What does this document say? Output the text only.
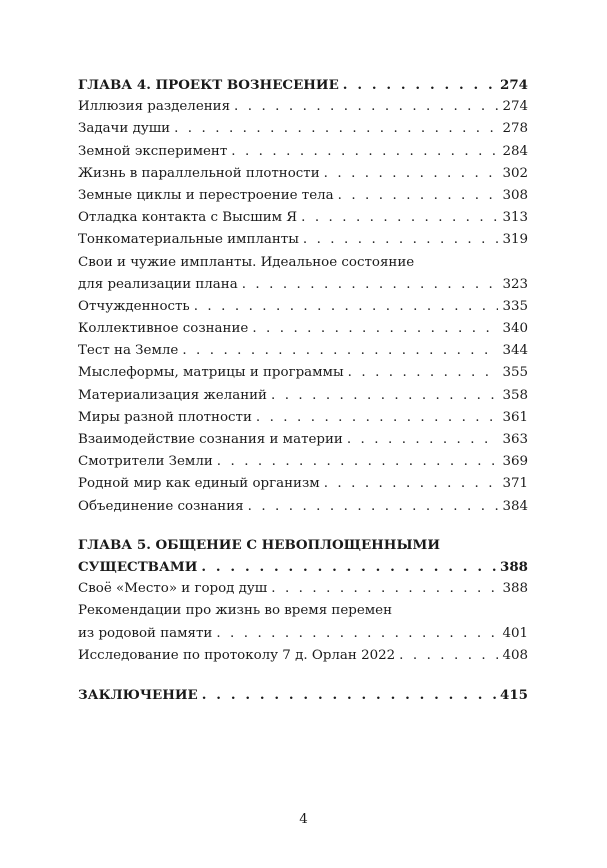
ГЛАВА 4. ПРОЕКТ ВОЗНЕСЕНИЕ . . .	274
Иллюзия разделения . . .	274
Задачи души . . .	278
Земной эксперимент . . .	284
Жизнь в параллельной плотности . . .	302
Земные циклы и перестроение тела . . .	308
Отладка контакта с Высшим Я . . .	313
Тонкоматериальные импланты . . .	319
Свои и чужие импланты. Идеальное состояние
для реализации плана . . .	323
Отчужденность . . .	335
Коллективное сознание . . .	340
Тест на Земле . . .	344
Мыслеформы, матрицы и программы . . .	355
Материализация желаний . . .	358
Миры разной плотности . . .	361
Взаимодействие сознания и материи . . .	363
Смотрители Земли . . .	369
Родной мир как единый организм . . .	371
Объединение сознания . . .	384
ГЛАВА 5. ОБЩЕНИЕ С НЕВОПЛОЩЕННЫМИ
СУЩЕСТВАМИ . . .	388
Своё «Место» и город душ . . .	388
Рекомендации про жизнь во время перемен
из родовой памяти . . .	401
Исследование по протоколу 7 д. Орлан 2022 . . .	408
ЗАКЛЮЧЕНИЕ . . .	415
4
